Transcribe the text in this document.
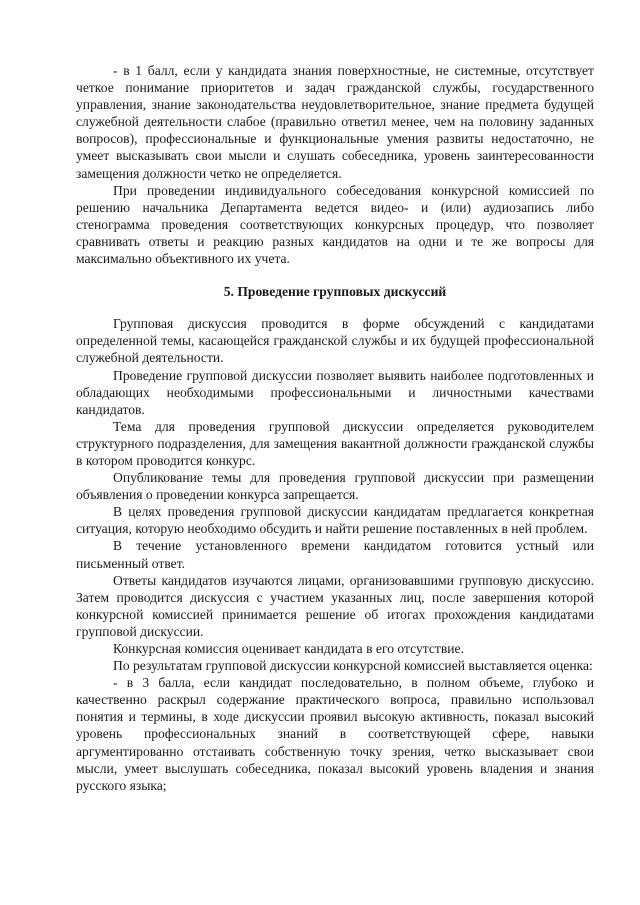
- в 1 балл, если у кандидата знания поверхностные, не системные, отсутствует четкое понимание приоритетов и задач гражданской службы, государственного управления, знание законодательства неудовлетворительное, знание предмета будущей служебной деятельности слабое (правильно ответил менее, чем на половину заданных вопросов), профессиональные и функциональные умения развиты недостаточно, не умеет высказывать свои мысли и слушать собеседника, уровень заинтересованности замещения должности четко не определяется.

При проведении индивидуального собеседования конкурсной комиссией по решению начальника Департамента ведется видео- и (или) аудиозапись либо стенограмма проведения соответствующих конкурсных процедур, что позволяет сравнивать ответы и реакцию разных кандидатов на одни и те же вопросы для максимально объективного их учета.

5. Проведение групповых дискуссий

Групповая дискуссия проводится в форме обсуждений с кандидатами определенной темы, касающейся гражданской службы и их будущей профессиональной служебной деятельности.

Проведение групповой дискуссии позволяет выявить наиболее подготовленных и обладающих необходимыми профессиональными и личностными качествами кандидатов.

Тема для проведения групповой дискуссии определяется руководителем структурного подразделения, для замещения вакантной должности гражданской службы в котором проводится конкурс.

Опубликование темы для проведения групповой дискуссии при размещении объявления о проведении конкурса запрещается.

В целях проведения групповой дискуссии кандидатам предлагается конкретная ситуация, которую необходимо обсудить и найти решение поставленных в ней проблем.

В течение установленного времени кандидатом готовится устный или письменный ответ.

Ответы кандидатов изучаются лицами, организовавшими групповую дискуссию. Затем проводится дискуссия с участием указанных лиц, после завершения которой конкурсной комиссией принимается решение об итогах прохождения кандидатами групповой дискуссии.

Конкурсная комиссия оценивает кандидата в его отсутствие.

По результатам групповой дискуссии конкурсной комиссией выставляется оценка:

- в 3 балла, если кандидат последовательно, в полном объеме, глубоко и качественно раскрыл содержание практического вопроса, правильно использовал понятия и термины, в ходе дискуссии проявил высокую активность, показал высокий уровень профессиональных знаний в соответствующей сфере, навыки аргументированно отстаивать собственную точку зрения, четко высказывает свои мысли, умеет выслушать собеседника, показал высокий уровень владения и знания русского языка;
